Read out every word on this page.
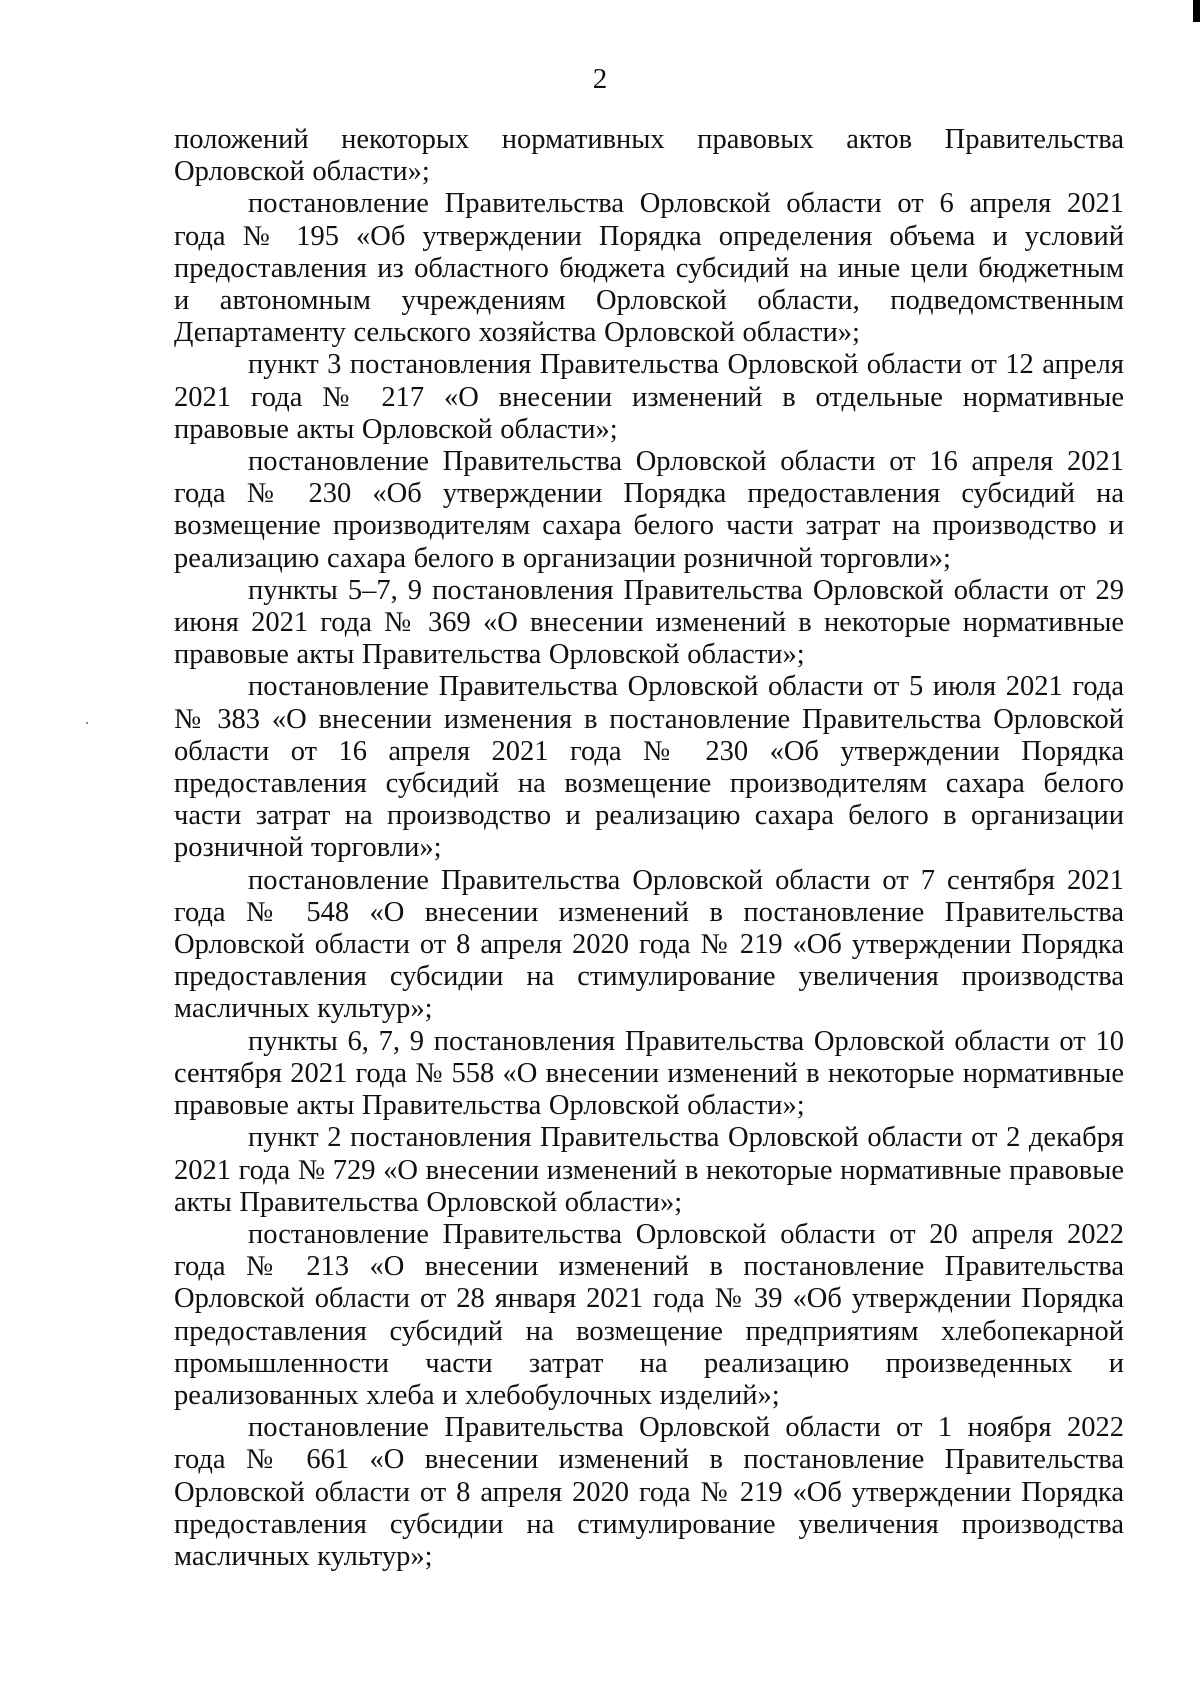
2

положений некоторых нормативных правовых актов Правительства Орловской области»;

постановление Правительства Орловской области от 6 апреля 2021 года № 195 «Об утверждении Порядка определения объема и условий предоставления из областного бюджета субсидий на иные цели бюджетным и автономным учреждениям Орловской области, подведомственным Департаменту сельского хозяйства Орловской области»;

пункт 3 постановления Правительства Орловской области от 12 апреля 2021 года № 217 «О внесении изменений в отдельные нормативные правовые акты Орловской области»;

постановление Правительства Орловской области от 16 апреля 2021 года № 230 «Об утверждении Порядка предоставления субсидий на возмещение производителям сахара белого части затрат на производство и реализацию сахара белого в организации розничной торговли»;

пункты 5–7, 9 постановления Правительства Орловской области от 29 июня 2021 года № 369 «О внесении изменений в некоторые нормативные правовые акты Правительства Орловской области»;

постановление Правительства Орловской области от 5 июля 2021 года № 383 «О внесении изменения в постановление Правительства Орловской области от 16 апреля 2021 года № 230 «Об утверждении Порядка предоставления субсидий на возмещение производителям сахара белого части затрат на производство и реализацию сахара белого в организации розничной торговли»;

постановление Правительства Орловской области от 7 сентября 2021 года № 548 «О внесении изменений в постановление Правительства Орловской области от 8 апреля 2020 года № 219 «Об утверждении Порядка предоставления субсидии на стимулирование увеличения производства масличных культур»;

пункты 6, 7, 9 постановления Правительства Орловской области от 10 сентября 2021 года № 558 «О внесении изменений в некоторые нормативные правовые акты Правительства Орловской области»;

пункт 2 постановления Правительства Орловской области от 2 декабря 2021 года № 729 «О внесении изменений в некоторые нормативные правовые акты Правительства Орловской области»;

постановление Правительства Орловской области от 20 апреля 2022 года № 213 «О внесении изменений в постановление Правительства Орловской области от 28 января 2021 года № 39 «Об утверждении Порядка предоставления субсидий на возмещение предприятиям хлебопекарной промышленности части затрат на реализацию произведенных и реализованных хлеба и хлебобулочных изделий»;

постановление Правительства Орловской области от 1 ноября 2022 года № 661 «О внесении изменений в постановление Правительства Орловской области от 8 апреля 2020 года № 219 «Об утверждении Порядка предоставления субсидии на стимулирование увеличения производства масличных культур»;
